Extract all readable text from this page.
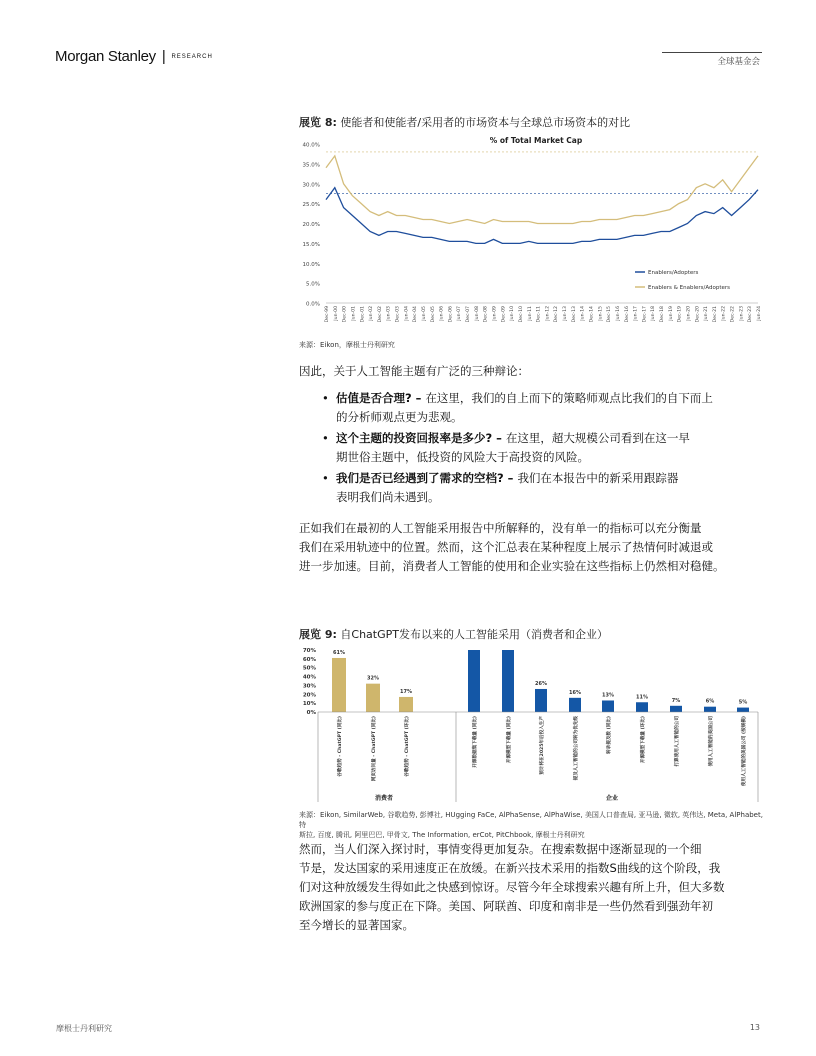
Morgan Stanley | $^{RESEARCH}$	全球基金会
展览 8: 使能者和使能者/采用者的市场资本与全球总市场资本的对比
% of Total Market Cap
0.0%
5.0%
10.0%
15.0%
20.0%
25.0%
30.0%
35.0%
40.0%
Dec-99 Jun-00 Dec-00 Jun-01 Dec-01 Jun-02 Dec-02 Jun-03 Dec-03 Jun-04 Dec-04 Jun-05 Dec-05 Jun-06 Dec-06 Jun-07 Dec-07 Jun-08 Dec-08 Jun-09 Dec-09 Jun-10 Dec-10 Jun-11 Dec-11 Jun-12 Dec-12 Jun-13 Dec-13 Jun-14 Dec-14 Jun-15 Dec-15 Jun-16 Dec-16 Jun-17 Dec-17 Jun-18 Dec-18 Jun-19 Dec-19 Jun-20 Dec-20 Jun-21 Dec-21 Jun-22 Dec-22 Jun-23 Dec-23 Jun-24
Enablers/Adopters
Enablers & Enablers/Adopters
来源：Eikon，摩根士丹利研究
因此，关于人工智能主题有广泛的三种辩论：
• 估值是否合理? – 在这里，我们的自上而下的策略师观点比我们的自下而上
的分析师观点更为悲观。
• 这个主题的投资回报率是多少? – 在这里，超大规模公司看到在这一早
期世俗主题中，低投资的风险大于高投资的风险。
• 我们是否已经遇到了需求的空档? – 我们在本报告中的新采用跟踪器
表明我们尚未遇到。
正如我们在最初的人工智能采用报告中所解释的，没有单一的指标可以充分衡量
我们在采用轨迹中的位置。然而，这个汇总表在某种程度上展示了热情何时减退或
进一步加速。目前，消费者人工智能的使用和企业实验在这些指标上仍然相对稳健。
展览 9: 自ChatGPT发布以来的人工智能采用（消费者和企业）
0%
10%
20%
30%
40%
50%
60%
70%	61%
32%
17%
26%
16%	13%	11%
7%	6%	5%
谷歌趋势 - ChatGPT (同比)	网页访问量 - ChatGPT (同比)	谷歌趋势 - ChatGPT (环比)	开源数据集下载量 (同比)	开源模型下载量 (同比)	预计将在2025年后投入生产	提及人工智能的公司转为优先级	转录提及数 (同比)	开源模型下载量 (环比)	打算使用人工智能的公司	使用人工智能的美国公司	使用人工智能的美国公司 (按规模)
消费者	企业
来源：Eikon, SimilarWeb, 谷歌趋势, 彭博社, HUgging FaCe, AlPhaSense, AlPhaWise, 美国人口普查局, 亚马逊, 微软, 英伟达, Meta, AlPhabet, 特
斯拉, 百度, 腾讯, 阿里巴巴, 甲骨文, The Information, erCot, PitChbook, 摩根士丹利研究
然而，当人们深入探讨时，事情变得更加复杂。在搜索数据中逐渐显现的一个细
节是，发达国家的采用速度正在放缓。在新兴技术采用的指数S曲线的这个阶段，我
们对这种放缓发生得如此之快感到惊讶。尽管今年全球搜索兴趣有所上升，但大多数
欧洲国家的参与度正在下降。美国、阿联酋、印度和南非是一些仍然看到强劲年初
至今增长的显著国家。
摩根士丹利研究	13
